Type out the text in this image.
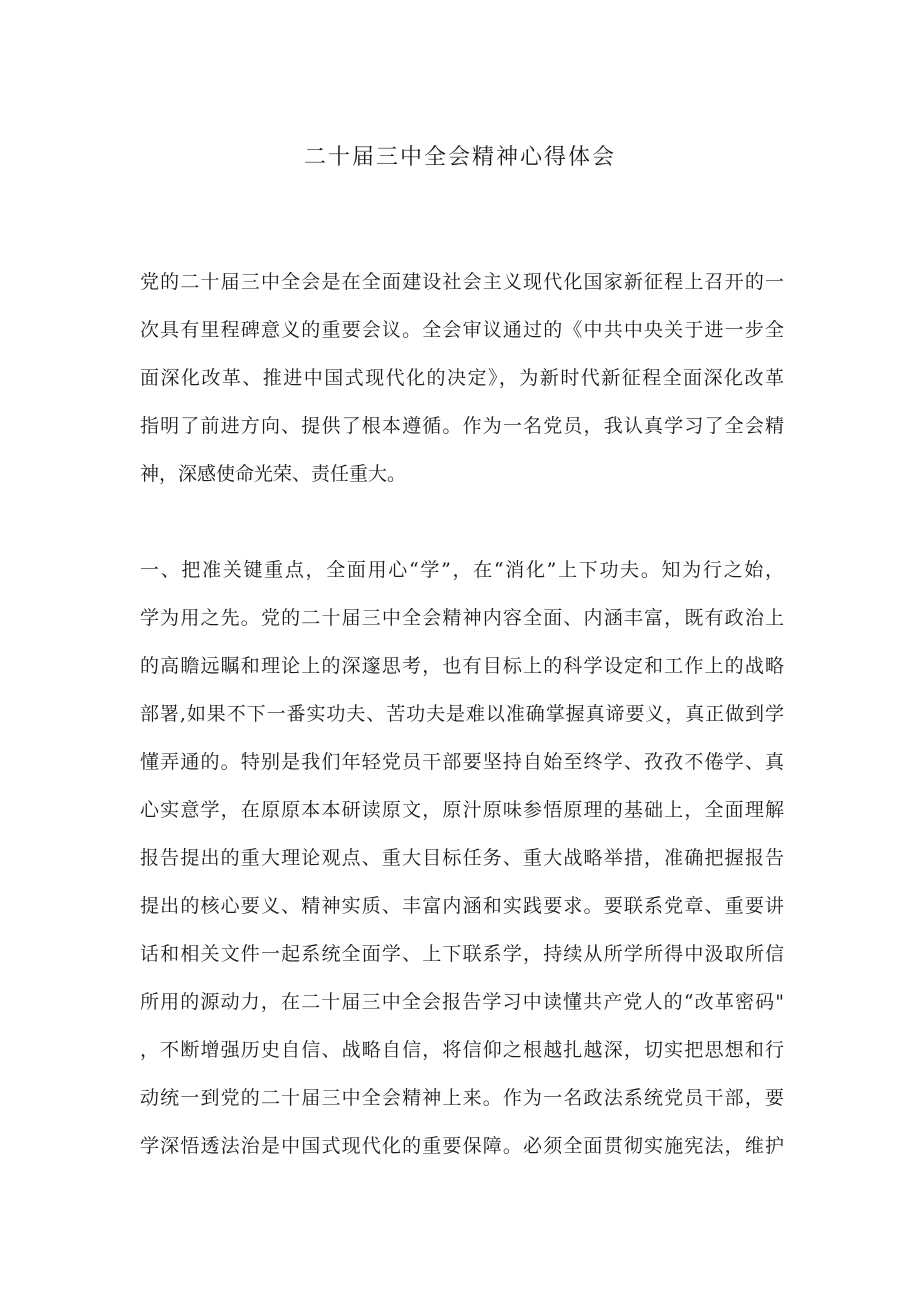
二十届三中全会精神心得体会
党的二十届三中全会是在全面建设社会主义现代化国家新征程上召开的一
次具有里程碑意义的重要会议。全会审议通过的《中共中央关于进一步全
面深化改革、推进中国式现代化的决定》，为新时代新征程全面深化改革
指明了前进方向、提供了根本遵循。作为一名党员，我认真学习了全会精
神，深感使命光荣、责任重大。
一、把准关键重点，全面用心“学”，在“消化”上下功夫。知为行之始，
学为用之先。党的二十届三中全会精神内容全面、内涵丰富，既有政治上
的高瞻远瞩和理论上的深邃思考，也有目标上的科学设定和工作上的战略
部署,如果不下一番实功夫、苦功夫是难以准确掌握真谛要义，真正做到学
懂弄通的。特别是我们年轻党员干部要坚持自始至终学、孜孜不倦学、真
心实意学，在原原本本研读原文，原汁原味参悟原理的基础上，全面理解
报告提出的重大理论观点、重大目标任务、重大战略举措，准确把握报告
提出的核心要义、精神实质、丰富内涵和实践要求。要联系党章、重要讲
话和相关文件一起系统全面学、上下联系学，持续从所学所得中汲取所信
所用的源动力，在二十届三中全会报告学习中读懂共产党人的“改革密码"
，不断增强历史自信、战略自信，将信仰之根越扎越深，切实把思想和行
动统一到党的二十届三中全会精神上来。作为一名政法系统党员干部，要
学深悟透法治是中国式现代化的重要保障。必须全面贯彻实施宪法，维护
